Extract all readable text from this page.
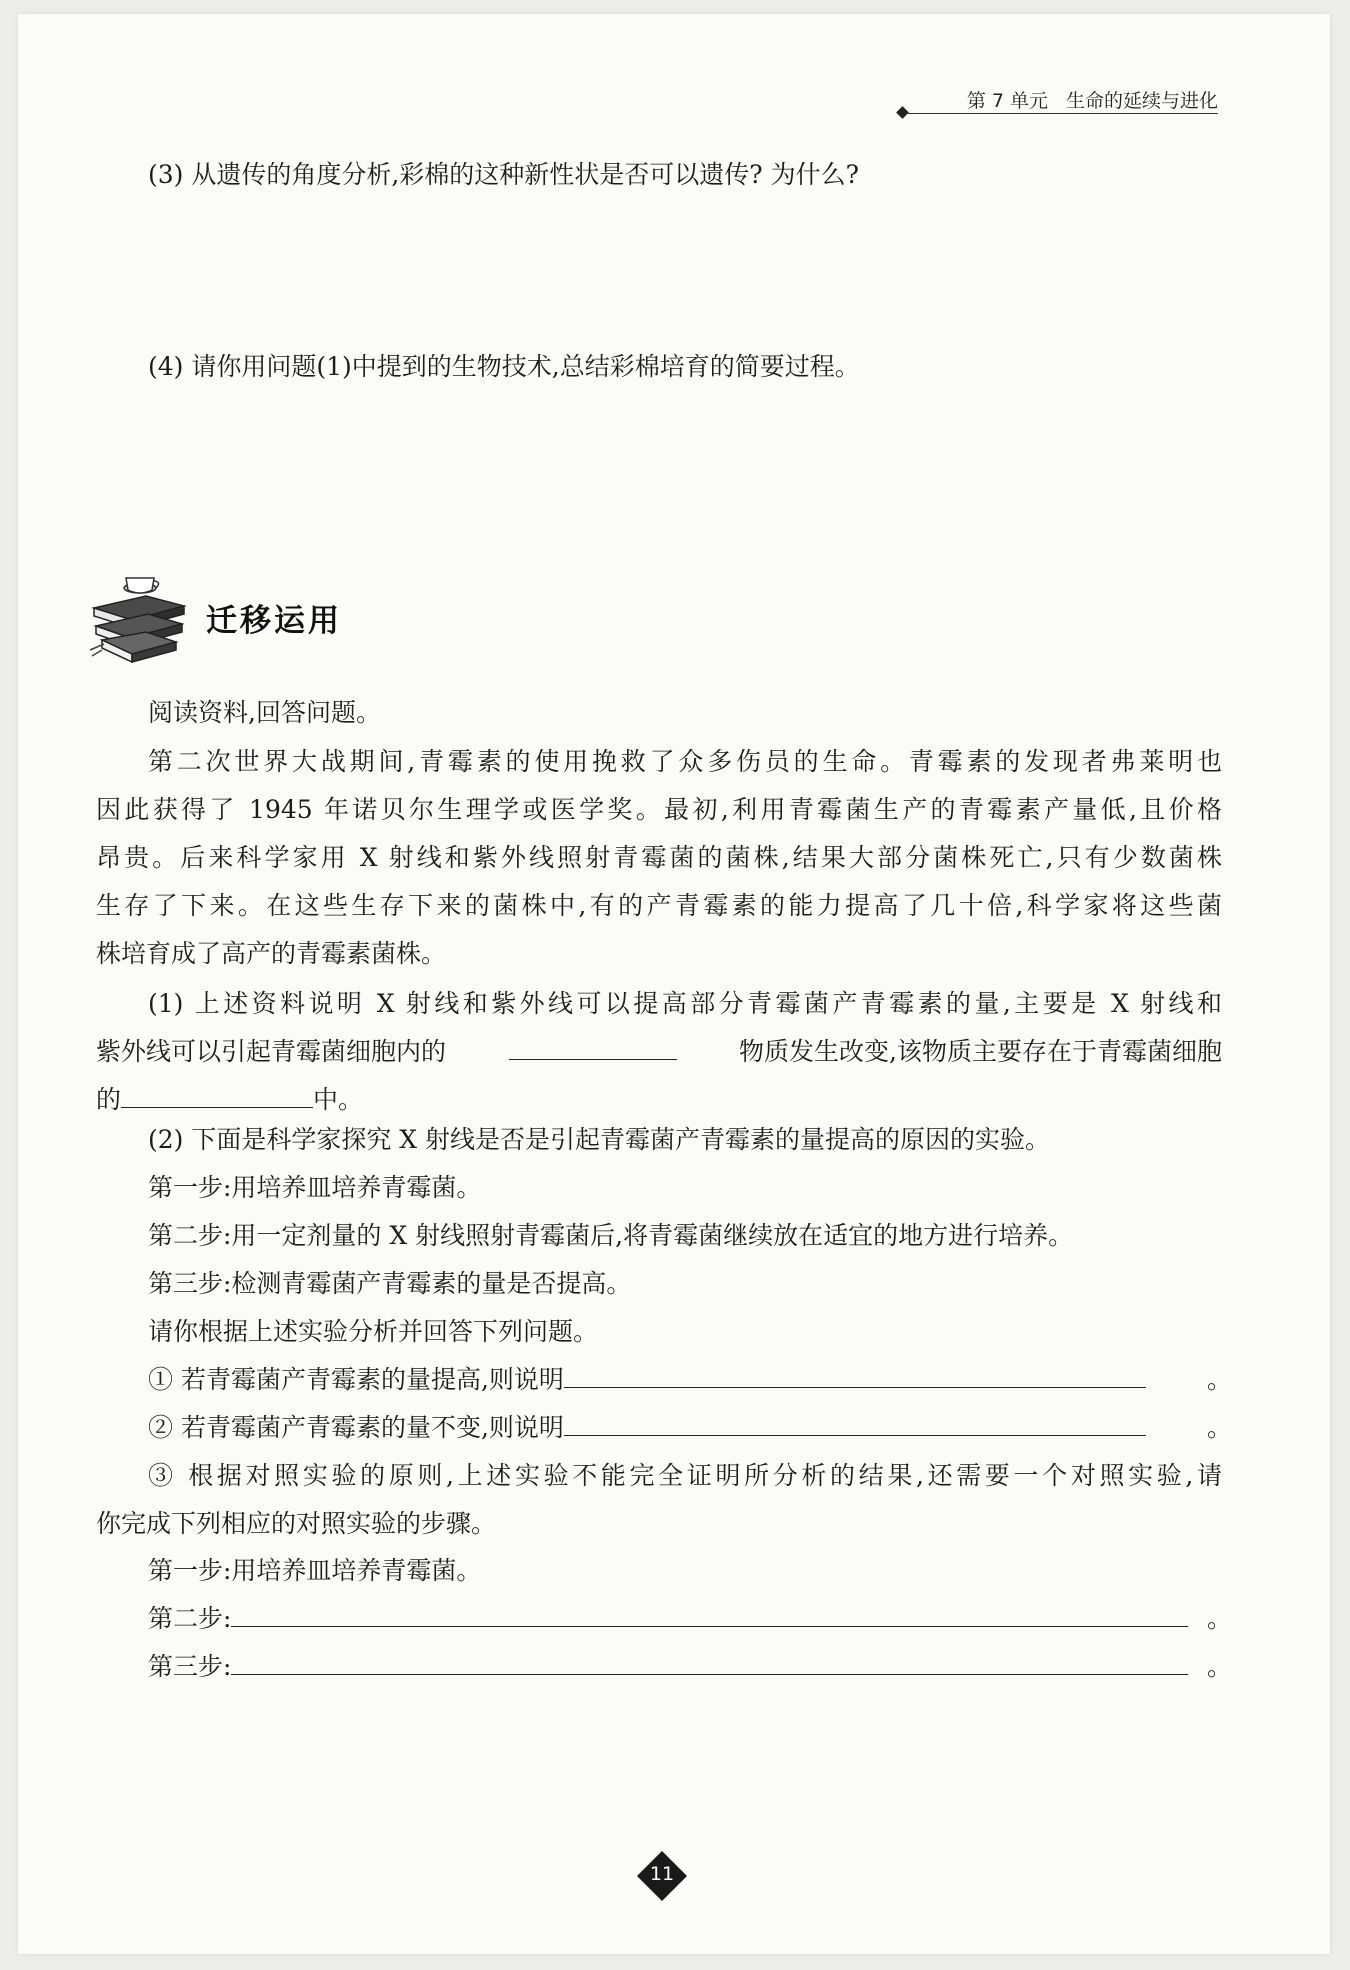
第 7 单元 生命的延续与进化
(3) 从遗传的角度分析,彩棉的这种新性状是否可以遗传? 为什么?
(4) 请你用问题(1)中提到的生物技术,总结彩棉培育的简要过程。
迁移运用
阅读资料,回答问题。
第二次世界大战期间,青霉素的使用挽救了众多伤员的生命。青霉素的发现者弗莱明也
因此获得了 1945 年诺贝尔生理学或医学奖。最初,利用青霉菌生产的青霉素产量低,且价格
昂贵。后来科学家用 X 射线和紫外线照射青霉菌的菌株,结果大部分菌株死亡,只有少数菌株
生存了下来。在这些生存下来的菌株中,有的产青霉素的能力提高了几十倍,科学家将这些菌
株培育成了高产的青霉素菌株。
(1) 上述资料说明 X 射线和紫外线可以提高部分青霉菌产青霉素的量,主要是 X 射线和
紫外线可以引起青霉菌细胞内的	物质发生改变,该物质主要存在于青霉菌细胞
的	中。
(2) 下面是科学家探究 X 射线是否是引起青霉菌产青霉素的量提高的原因的实验。
第一步:用培养皿培养青霉菌。
第二步:用一定剂量的 X 射线照射青霉菌后,将青霉菌继续放在适宜的地方进行培养。
第三步:检测青霉菌产青霉素的量是否提高。
请你根据上述实验分析并回答下列问题。
① 若青霉菌产青霉素的量提高,则说明	。
② 若青霉菌产青霉素的量不变,则说明	。
③ 根据对照实验的原则,上述实验不能完全证明所分析的结果,还需要一个对照实验,请
你完成下列相应的对照实验的步骤。
第一步:用培养皿培养青霉菌。
第二步:	。
第三步:	。
11
